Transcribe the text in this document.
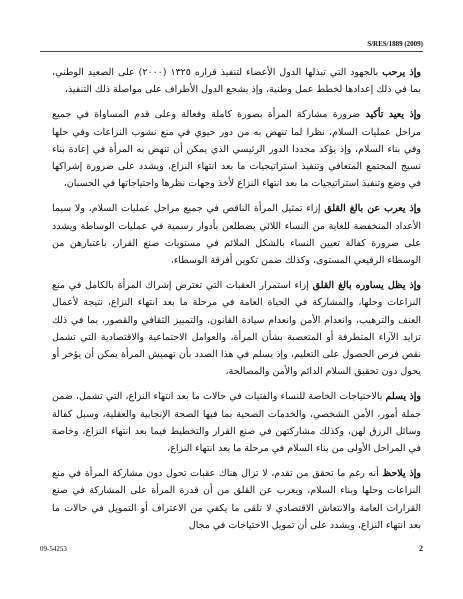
S/RES/1889 (2009)

وإذ يرحب بالجهود التي تبذلها الدول الأعضاء لتنفيذ قراره ١٣٢٥ (٢٠٠٠) على الصعيد الوطني، بما في ذلك إعدادها لخطط عمل وطنية، وإذ يشجع الدول الأطراف على مواصلة ذلك التنفيذ،

وإذ يعيد تأكيد ضرورة مشاركة المرأة بصورة كاملة وفعالة وعلى قدم المساواة في جميع مراحل عمليات السلام، نظرا لما تنهض به من دور حيوي في منع نشوب النزاعات وفي حلها وفي بناء السلام، وإذ يؤكد مجددا الدور الرئيسي الذي يمكن أن تنهض به المرأة في إعادة بناء نسيج المجتمع المتعافي وتنفيذ استراتيجيات ما بعد انتهاء النزاع، ويشدد على ضرورة إشراكها في وضع وتنفيذ استراتيجيات ما بعد انتهاء النزاع لأخذ وجهات نظرها واحتياجاتها في الحسبان،

وإذ يعرب عن بالغ القلق إزاء تمثيل المرأة الناقص في جميع مراحل عمليات السلام، ولا سيما الأعداد المنخفضة للغاية من النساء اللائي يضطلعن بأدوار رسمية في عمليات الوساطة ويشدد على ضرورة كفالة تعيين النساء بالشكل الملائم في مستويات صنع القرار، باعتبارهن من الوسطاء الرفيعي المستوى، وكذلك ضمن تكوين أفرقة الوسطاء،

وإذ يظل يساوره بالغ القلق إزاء استمرار العقبات التي تعترض إشراك المرأة بالكامل في منع النزاعات وحلها، والمشاركة في الحياة العامة في مرحلة ما بعد انتهاء النزاع، نتيجة لأعمال العنف والترهيب، وانعدام الأمن وانعدام سيادة القانون، والتمييز الثقافي والقصور، بما في ذلك تزايد الآراء المتطرفة أو المتعصبة بشأن المرأة، والعوامل الاجتماعية والاقتصادية التي تشمل نقص فرص الحصول على التعليم، وإذ يسلم في هذا الصدد بأن تهميش المرأة يمكن أن يؤخر أو يحول دون تحقيق السلام الدائم والأمن والمصالحة،

وإذ يسلم بالاحتياجات الخاصة للنساء والفتيات في حالات ما بعد انتهاء النزاع، التي تشمل، ضمن جملة أمور، الأمن الشخصي، والخدمات الصحية بما فيها الصحة الإنجابية والعقلية، وسبل كفالة وسائل الرزق لهن، وكذلك مشاركتهن في صنع القرار والتخطيط فيما بعد انتهاء النزاع، وخاصة في المراحل الأولى من بناء السلام في مرحلة ما بعد انتهاء النزاع،

وإذ يلاحظ أنه رغم ما تحقق من تقدم، لا تزال هناك عقبات تحول دون مشاركة المرأة في منع النزاعات وحلها وبناء السلام، ويعرب عن القلق من أن قدرة المرأة على المشاركة في صنع القرارات العامة والانتعاش الاقتصادي لا تلقى ما يكفي من الاعتراف أو التمويل في حالات ما بعد انتهاء النزاع، ويشدد على أن تمويل الاحتياجات في مجال

09-54253	2
